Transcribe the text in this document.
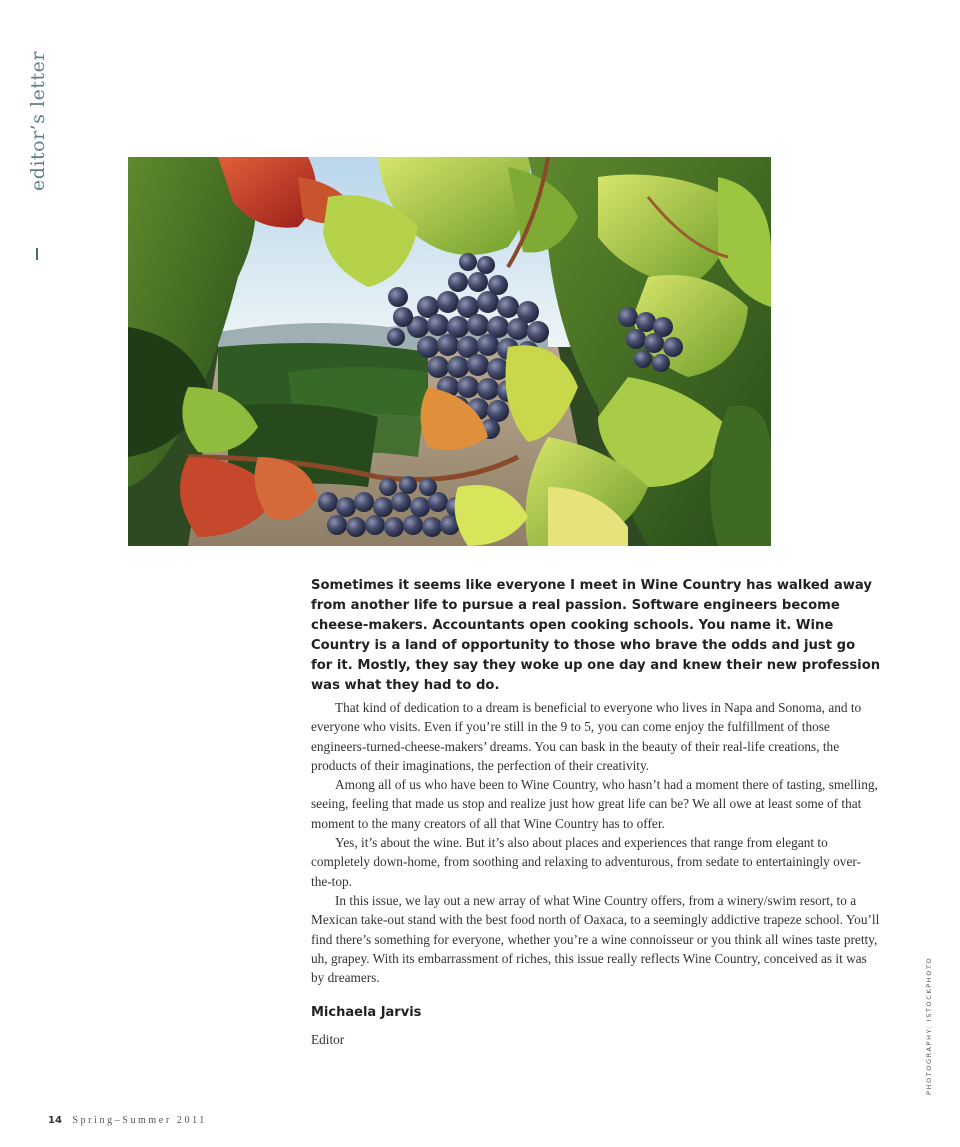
editor’s letter

Sometimes it seems like everyone I meet in Wine Country has walked away from another life to pursue a real passion. Software engineers become cheese-makers. Accountants open cooking schools. You name it. Wine Country is a land of opportunity to those who brave the odds and just go for it. Mostly, they say they woke up one day and knew their new profession was what they had to do.

That kind of dedication to a dream is beneficial to everyone who lives in Napa and Sonoma, and to everyone who visits. Even if you’re still in the 9 to 5, you can come enjoy the fulfillment of those engineers-turned-cheese-makers’ dreams. You can bask in the beauty of their real-life creations, the products of their imaginations, the perfection of their creativity.

Among all of us who have been to Wine Country, who hasn’t had a moment there of tasting, smelling, seeing, feeling that made us stop and realize just how great life can be? We all owe at least some of that moment to the many creators of all that Wine Country has to offer.

Yes, it’s about the wine. But it’s also about places and experiences that range from elegant to completely down-home, from soothing and relaxing to adventurous, from sedate to entertainingly over-the-top.

In this issue, we lay out a new array of what Wine Country offers, from a winery/swim resort, to a Mexican take-out stand with the best food north of Oaxaca, to a seemingly addictive trapeze school. You’ll find there’s something for everyone, whether you’re a wine connoisseur or you think all wines taste pretty, uh, grapey. With its embarrassment of riches, this issue really reflects Wine Country, conceived as it was by dreamers.

Michaela Jarvis
Editor	PHOTOGRAPHY: ISTOCKPHOTO
14 Spring–Summer 2011
